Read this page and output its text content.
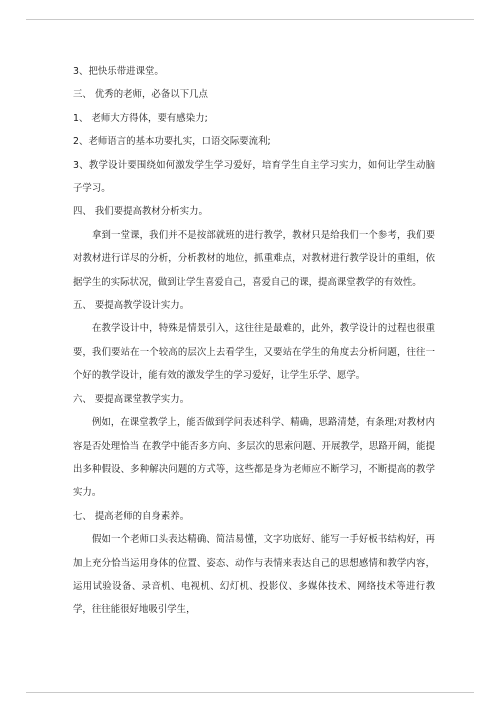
3、把快乐带进课堂。

三、 优秀的老师，必备以下几点

1、 老师大方得体，要有感染力;

2、老师语言的基本功要扎实，口语交际要流利;

3、教学设计要围绕如何激发学生学习爱好，培育学生自主学习实力，如何让学生动脑子学习。

四、 我们要提高教材分析实力。

拿到一堂课，我们并不是按部就班的进行教学，教材只是给我们一个参考，我们要对教材进行详尽的分析，分析教材的地位，抓重难点，对教材进行教学设计的重组，依据学生的实际状况，做到让学生喜爱自己，喜爱自己的课，提高课堂教学的有效性。

五、 要提高教学设计实力。

在教学设计中，特殊是情景引入，这往往是最难的，此外，教学设计的过程也很重要，我们要站在一个较高的层次上去看学生，又要站在学生的角度去分析问题，往往一个好的教学设计，能有效的激发学生的学习爱好，让学生乐学、愿学。

六、 要提高课堂教学实力。

例如，在课堂教学上，能否做到学问表述科学、精确，思路清楚，有条理;对教材内容是否处理恰当 在教学中能否多方向、多层次的思索问题、开展教学，思路开阔，能提出多种假设、多种解决问题的方式等，这些都是身为老师应不断学习，不断提高的教学实力。

七、 提高老师的自身素养。

假如一个老师口头表达精确、简洁易懂，文字功底好、能写一手好板书结构好，再加上充分恰当运用身体的位置、姿态、动作与表情来表达自己的思想感情和教学内容，运用试验设备、录音机、电视机、幻灯机、投影仪、多媒体技术、网络技术等进行教学，往往能很好地吸引学生，
